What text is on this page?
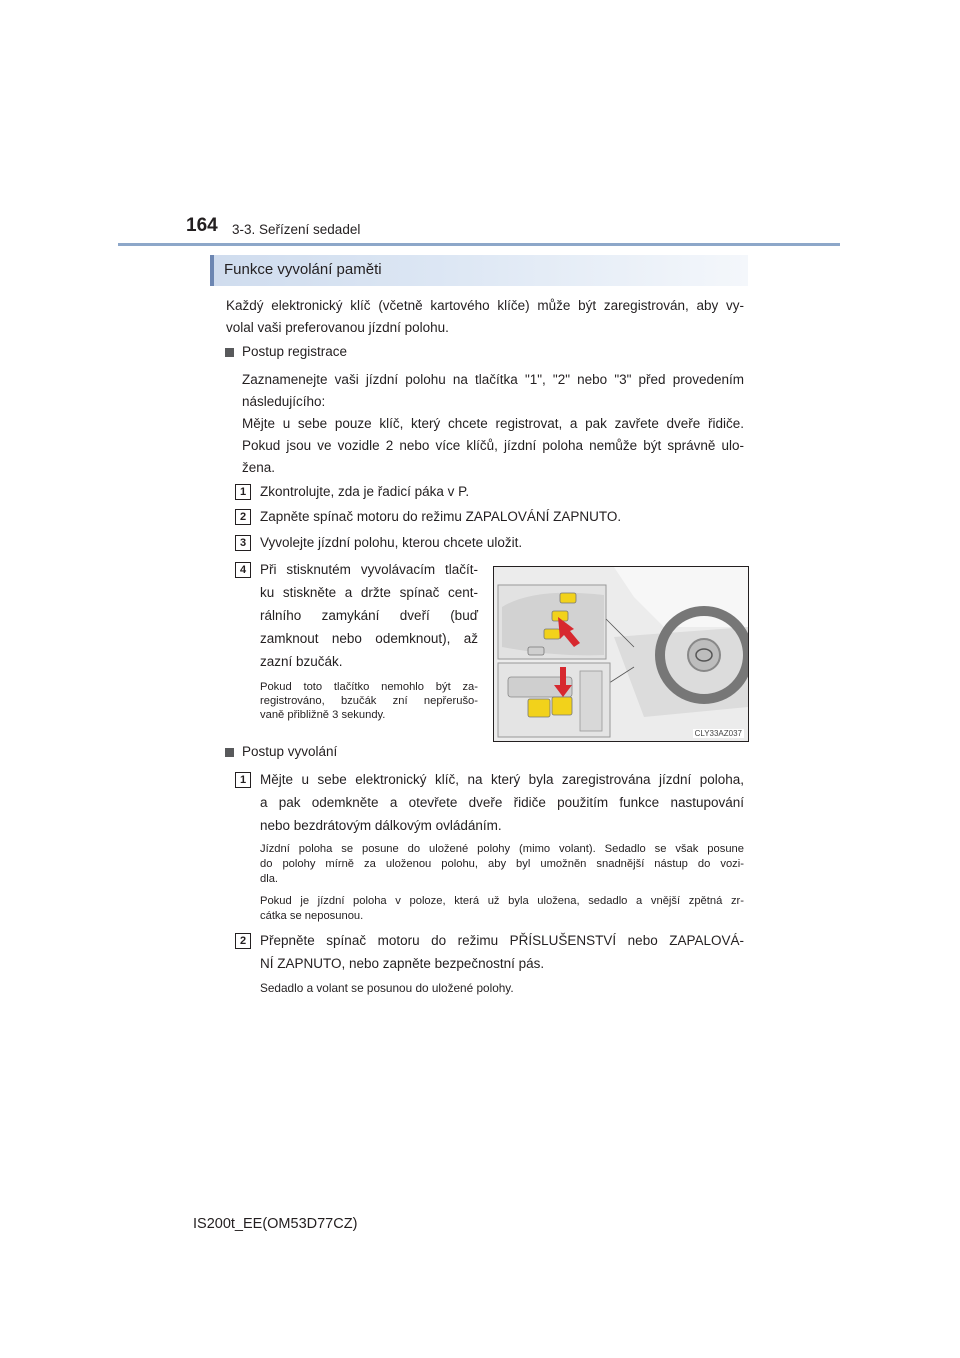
164 3-3. Seřízení sedadel
Funkce vyvolání paměti
Každý elektronický klíč (včetně kartového klíče) může být zaregistrován, aby vy-
volal vaši preferovanou jízdní polohu.
Postup registrace
Zaznamenejte vaši jízdní polohu na tlačítka "1", "2" nebo "3" před provedením
následujícího:
Mějte u sebe pouze klíč, který chcete registrovat, a pak zavřete dveře řidiče.
Pokud jsou ve vozidle 2 nebo více klíčů, jízdní poloha nemůže být správně ulo-
žena.
1	Zkontrolujte, zda je řadicí páka v P.
2	Zapněte spínač motoru do režimu ZAPALOVÁNÍ ZAPNUTO.
3	Vyvolejte jízdní polohu, kterou chcete uložit.
4	Při stisknutém vyvolávacím tlačít-
ku stiskněte a držte spínač cent-
rálního zamykání dveří (buď
zamknout nebo odemknout), až
zazní bzučák.
Pokud toto tlačítko nemohlo být za-
registrováno, bzučák zní nepřerušo-
vaně přibližně 3 sekundy.
CLY33AZ037
Postup vyvolání
1	Mějte u sebe elektronický klíč, na který byla zaregistrována jízdní poloha,
a pak odemkněte a otevřete dveře řidiče použitím funkce nastupování
nebo bezdrátovým dálkovým ovládáním.
Jízdní poloha se posune do uložené polohy (mimo volant). Sedadlo se však posune
do polohy mírně za uloženou polohu, aby byl umožněn snadnější nástup do vozi-
dla.
Pokud je jízdní poloha v poloze, která už byla uložena, sedadlo a vnější zpětná zr-
cátka se neposunou.
2	Přepněte spínač motoru do režimu PŘÍSLUŠENSTVÍ nebo ZAPALOVÁ-
NÍ ZAPNUTO, nebo zapněte bezpečnostní pás.
Sedadlo a volant se posunou do uložené polohy.
IS200t_EE(OM53D77CZ)
